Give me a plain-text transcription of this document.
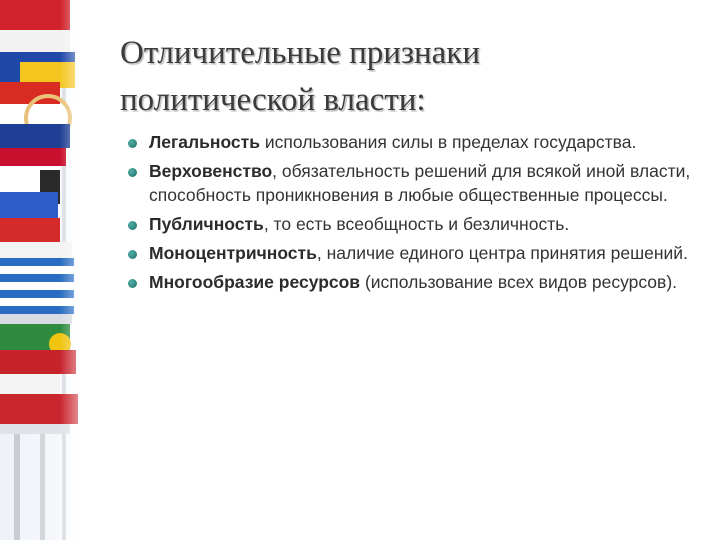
Отличительные признаки
политической власти:
Легальность использования силы в пределах государства.
Верховенство, обязательность решений для всякой иной власти, способность проникновения в любые общественные процессы.
Публичность, то есть всеобщность и безличность.
Моноцентричность, наличие единого центра принятия решений.
Многообразие ресурсов (использование всех видов ресурсов).
